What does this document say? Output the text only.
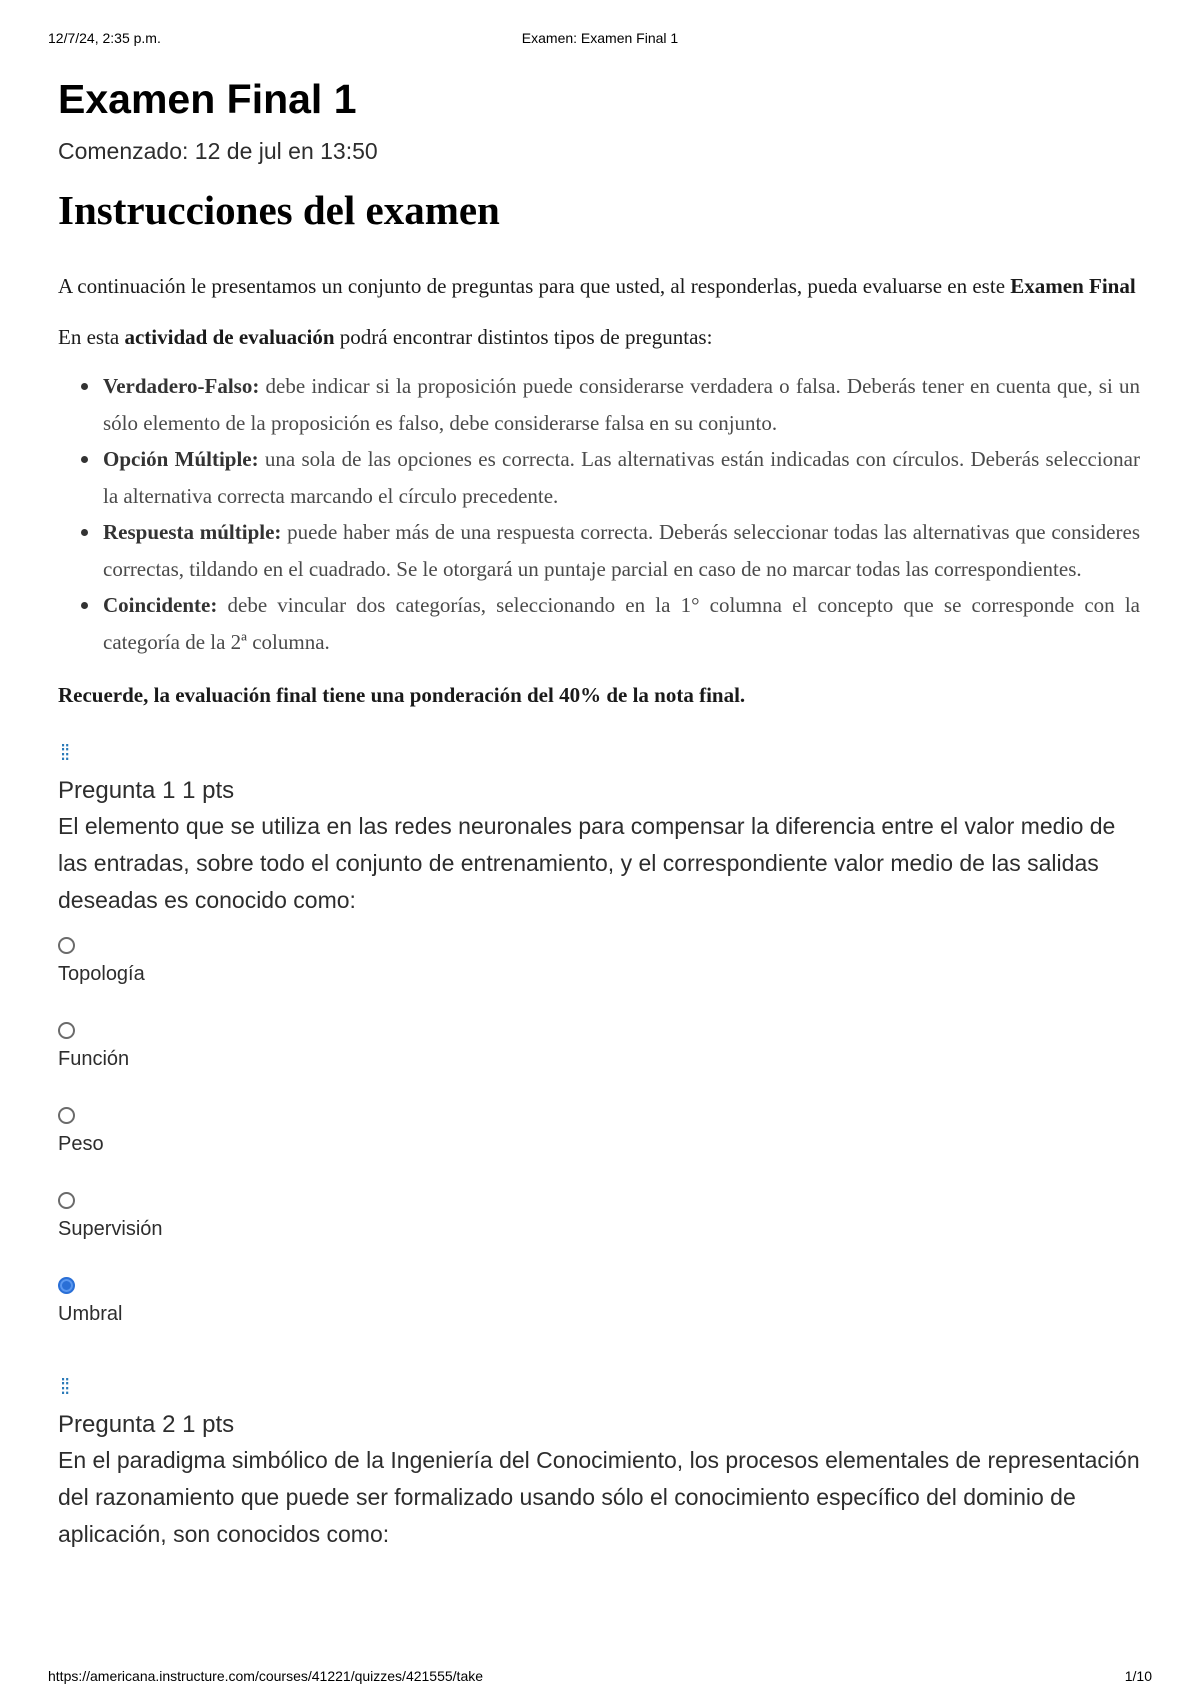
12/7/24, 2:35 p.m.	Examen: Examen Final 1
Examen Final 1
Comenzado: 12 de jul en 13:50
Instrucciones del examen
A continuación le presentamos un conjunto de preguntas para que usted, al responderlas, pueda evaluarse en este Examen Final
En esta actividad de evaluación podrá encontrar distintos tipos de preguntas:
Verdadero-Falso: debe indicar si la proposición puede considerarse verdadera o falsa. Deberás tener en cuenta que, si un sólo elemento de la proposición es falso, debe considerarse falsa en su conjunto.
Opción Múltiple: una sola de las opciones es correcta. Las alternativas están indicadas con círculos. Deberás seleccionar la alternativa correcta marcando el círculo precedente.
Respuesta múltiple: puede haber más de una respuesta correcta. Deberás seleccionar todas las alternativas que consideres correctas, tildando en el cuadrado. Se le otorgará un puntaje parcial en caso de no marcar todas las correspondientes.
Coincidente: debe vincular dos categorías, seleccionando en la 1° columna el concepto que se corresponde con la categoría de la 2ª columna.
Recuerde, la evaluación final tiene una ponderación del 40% de la nota final.
⁞⁞
Pregunta 1 1 pts
El elemento que se utiliza en las redes neuronales para compensar la diferencia entre el valor medio de las entradas, sobre todo el conjunto de entrenamiento, y el correspondiente valor medio de las salidas deseadas es conocido como:
Topología
Función
Peso
Supervisión
Umbral
⁞⁞
Pregunta 2 1 pts
En el paradigma simbólico de la Ingeniería del Conocimiento, los procesos elementales de representación del razonamiento que puede ser formalizado usando sólo el conocimiento específico del dominio de aplicación, son conocidos como:
https://americana.instructure.com/courses/41221/quizzes/421555/take	1/10
